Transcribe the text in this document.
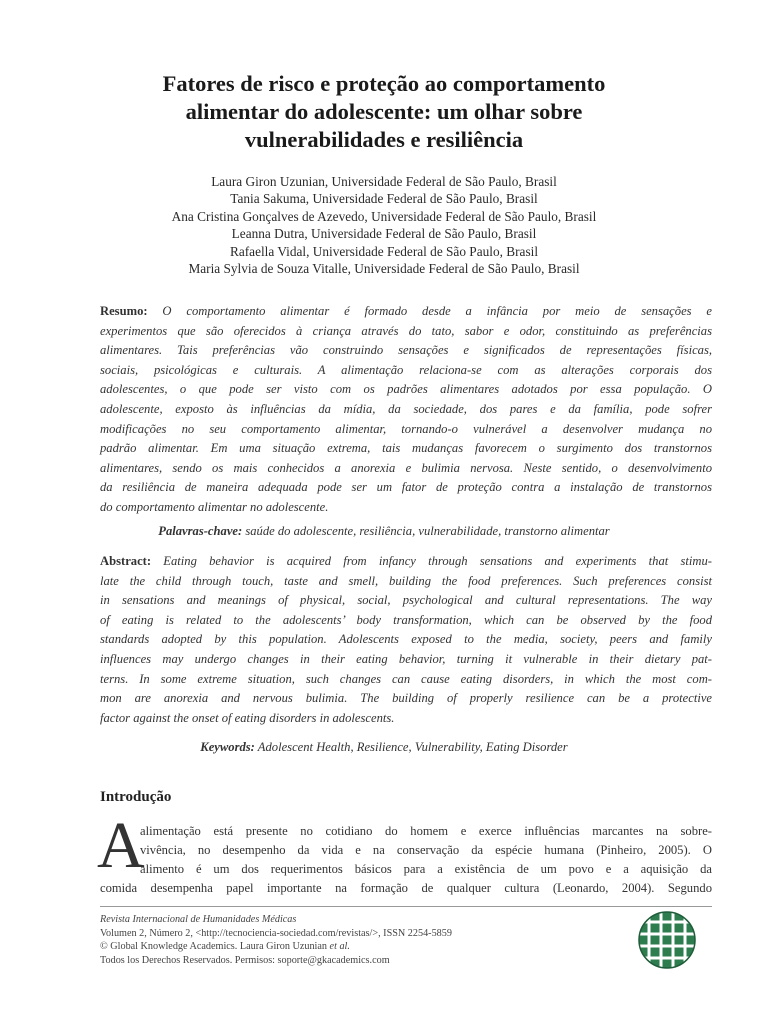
Fatores de risco e proteção ao comportamento
alimentar do adolescente: um olhar sobre
vulnerabilidades e resiliência
Laura Giron Uzunian, Universidade Federal de São Paulo, Brasil
Tania Sakuma, Universidade Federal de São Paulo, Brasil
Ana Cristina Gonçalves de Azevedo, Universidade Federal de São Paulo, Brasil
Leanna Dutra, Universidade Federal de São Paulo, Brasil
Rafaella Vidal, Universidade Federal de São Paulo, Brasil
Maria Sylvia de Souza Vitalle, Universidade Federal de São Paulo, Brasil
Resumo: O comportamento alimentar é formado desde a infância por meio de sensações e
experimentos que são oferecidos à criança através do tato, sabor e odor, constituindo as preferências
alimentares. Tais preferências vão construindo sensações e significados de representações físicas,
sociais, psicológicas e culturais. A alimentação relaciona-se com as alterações corporais dos
adolescentes, o que pode ser visto com os padrões alimentares adotados por essa população. O
adolescente, exposto às influências da mídia, da sociedade, dos pares e da família, pode sofrer
modificações no seu comportamento alimentar, tornando-o vulnerável a desenvolver mudança no
padrão alimentar. Em uma situação extrema, tais mudanças favorecem o surgimento dos transtornos
alimentares, sendo os mais conhecidos a anorexia e bulimia nervosa. Neste sentido, o desenvolvimento
da resiliência de maneira adequada pode ser um fator de proteção contra a instalação de transtornos
do comportamento alimentar no adolescente.
Palavras-chave: saúde do adolescente, resiliência, vulnerabilidade, transtorno alimentar
Abstract: Eating behavior is acquired from infancy through sensations and experiments that stimu-
late the child through touch, taste and smell, building the food preferences. Such preferences consist
in sensations and meanings of physical, social, psychological and cultural representations. The way
of eating is related to the adolescents’ body transformation, which can be observed by the food
standards adopted by this population. Adolescents exposed to the media, society, peers and family
influences may undergo changes in their eating behavior, turning it vulnerable in their dietary pat-
terns. In some extreme situation, such changes can cause eating disorders, in which the most com-
mon are anorexia and nervous bulimia. The building of properly resilience can be a protective
factor against the onset of eating disorders in adolescents.
Keywords: Adolescent Health, Resilience, Vulnerability, Eating Disorder
Introdução
A
alimentação está presente no cotidiano do homem e exerce influências marcantes na sobre-
vivência, no desempenho da vida e na conservação da espécie humana (Pinheiro, 2005). O
alimento é um dos requerimentos básicos para a existência de um povo e a aquisição da
comida desempenha papel importante na formação de qualquer cultura (Leonardo, 2004). Segundo
Revista Internacional de Humanidades Médicas
Volumen 2, Número 2, <http://tecnociencia-sociedad.com/revistas/>, ISSN 2254-5859
© Global Knowledge Academics. Laura Giron Uzunian et al.
Todos los Derechos Reservados. Permisos: soporte@gkacademics.com
